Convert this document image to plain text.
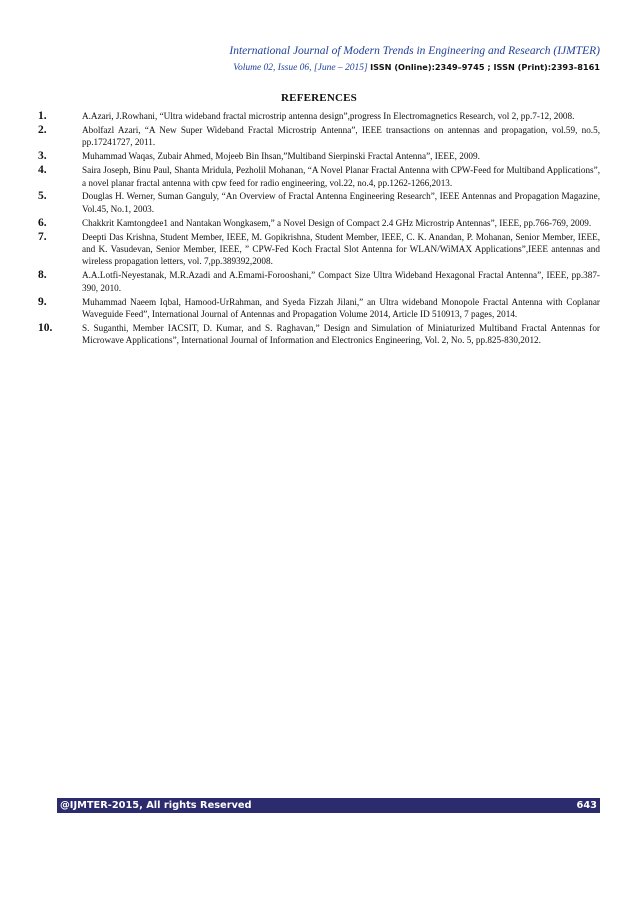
International Journal of Modern Trends in Engineering and Research (IJMTER)
Volume 02, Issue 06, [June – 2015] ISSN (Online):2349–9745 ; ISSN (Print):2393-8161
REFERENCES
1.	A.Azari, J.Rowhani, “Ultra wideband fractal microstrip antenna design”,progress In Electromagnetics Research, vol 2, pp.7-12, 2008.
2.	Abolfazl Azari, “A New Super Wideband Fractal Microstrip Antenna”, IEEE transactions on antennas and propagation, vol.59, no.5, pp.17241727, 2011.
3.	Muhammad Waqas, Zubair Ahmed, Mojeeb Bin Ihsan,”Multiband Sierpinski Fractal Antenna”, IEEE, 2009.
4.	Saira Joseph, Binu Paul, Shanta Mridula, Pezholil Mohanan, “A Novel Planar Fractal Antenna with CPW-Feed for Multiband Applications”, a novel planar fractal antenna with cpw feed for radio engineering, vol.22, no.4, pp.1262-1266,2013.
5.	Douglas H. Werner, Suman Ganguly, “An Overview of Fractal Antenna Engineering Research”, IEEE Antennas and Propagation Magazine, Vol.45, No.1, 2003.
6.	Chakkrit Kamtongdee1 and Nantakan Wongkasem,” a Novel Design of Compact 2.4 GHz Microstrip Antennas”, IEEE, pp.766-769, 2009.
7.	Deepti Das Krishna, Student Member, IEEE, M. Gopikrishna, Student Member, IEEE, C. K. Anandan, P. Mohanan, Senior Member, IEEE, and K. Vasudevan, Senior Member, IEEE, ” CPW-Fed Koch Fractal Slot Antenna for WLAN/WiMAX Applications”,IEEE antennas and wireless propagation letters, vol. 7,pp.389392,2008.
8.	A.A.Lotfi-Neyestanak, M.R.Azadi and A.Emami-Forooshani,” Compact Size Ultra Wideband Hexagonal Fractal Antenna”, IEEE, pp.387-390, 2010.
9.	Muhammad Naeem Iqbal, Hamood-UrRahman, and Syeda Fizzah Jilani,” an Ultra wideband Monopole Fractal Antenna with Coplanar Waveguide Feed”, International Journal of Antennas and Propagation Volume 2014, Article ID 510913, 7 pages, 2014.
10.	S. Suganthi, Member IACSIT, D. Kumar, and S. Raghavan,” Design and Simulation of Miniaturized Multiband Fractal Antennas for Microwave Applications”, International Journal of Information and Electronics Engineering, Vol. 2, No. 5, pp.825-830,2012.
@IJMTER-2015, All rights Reserved	643
